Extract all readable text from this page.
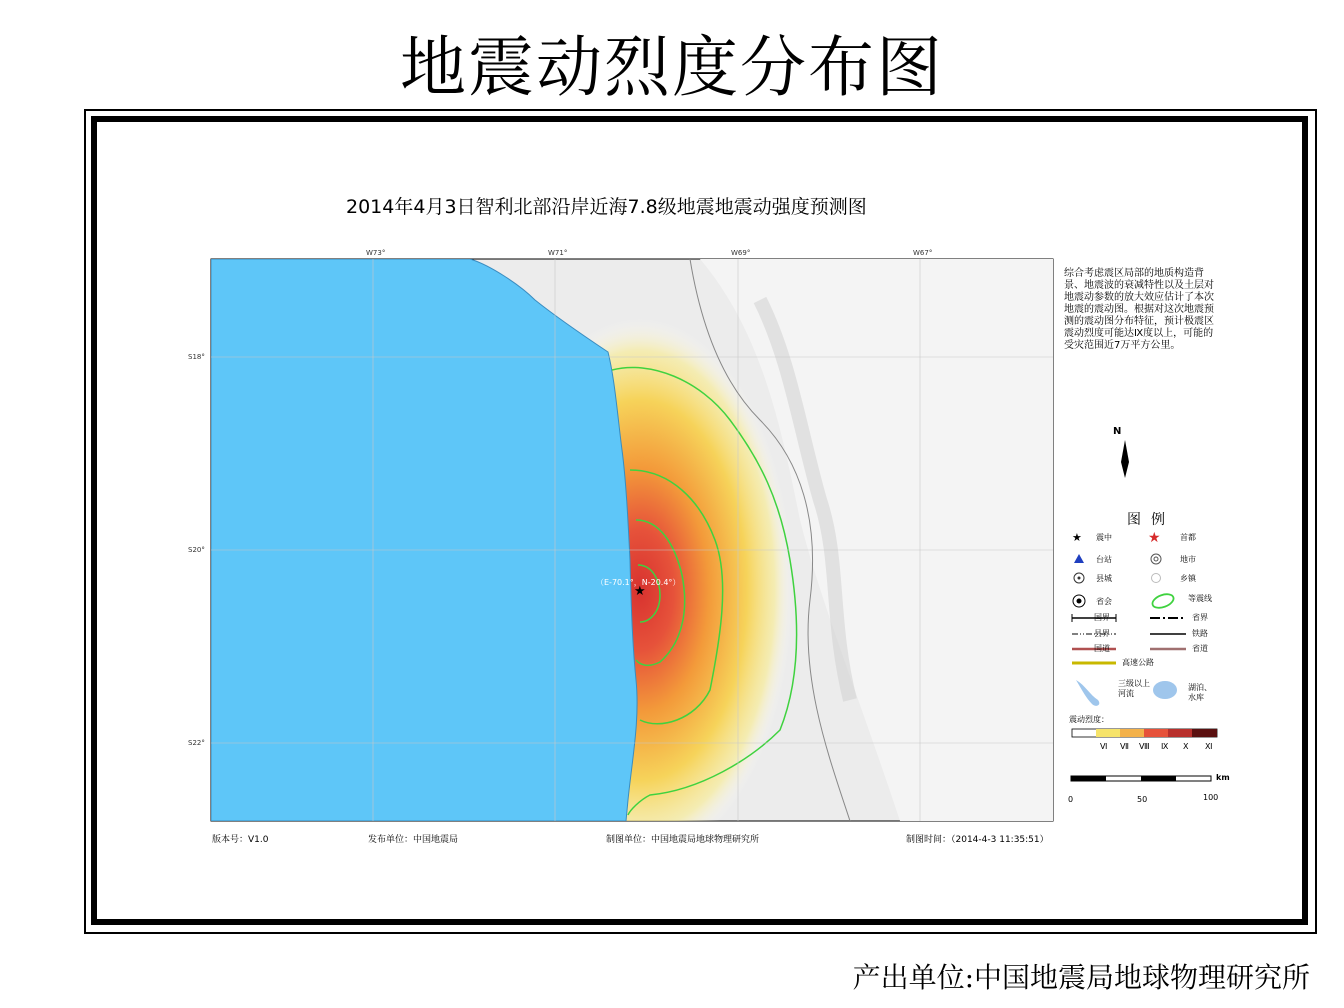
地震动烈度分布图
2014年4月3日智利北部沿岸近海7.8级地震地震动强度预测图
★
★	★
W73°	W71°	W69°	W67°
S18°
S20°
S22°
（E-70.1°，N-20.4°）
版本号：V1.0	发布单位：中国地震局	制图单位：中国地震局地球物理研究所	制图时间：（2014-4-3 11:35:51）
综合考虑震区局部的地质构造背景、地震波的衰减特性以及土层对地震动参数的放大效应估计了本次地震的震动图。根据对这次地震预测的震动图分布特征，预计极震区震动烈度可能达Ⅸ度以上，可能的受灾范围近7万平方公里。
N
图例
震中	首都
台站	地市
县城	乡镇
省会	等震线
国界	省界
县界	铁路
国道	省道
高速公路
三级以上河流
湖泊、水库
震动烈度：
Ⅵ Ⅶ Ⅷ Ⅸ Ⅹ Ⅺ
0	50	100
km
产出单位:中国地震局地球物理研究所
